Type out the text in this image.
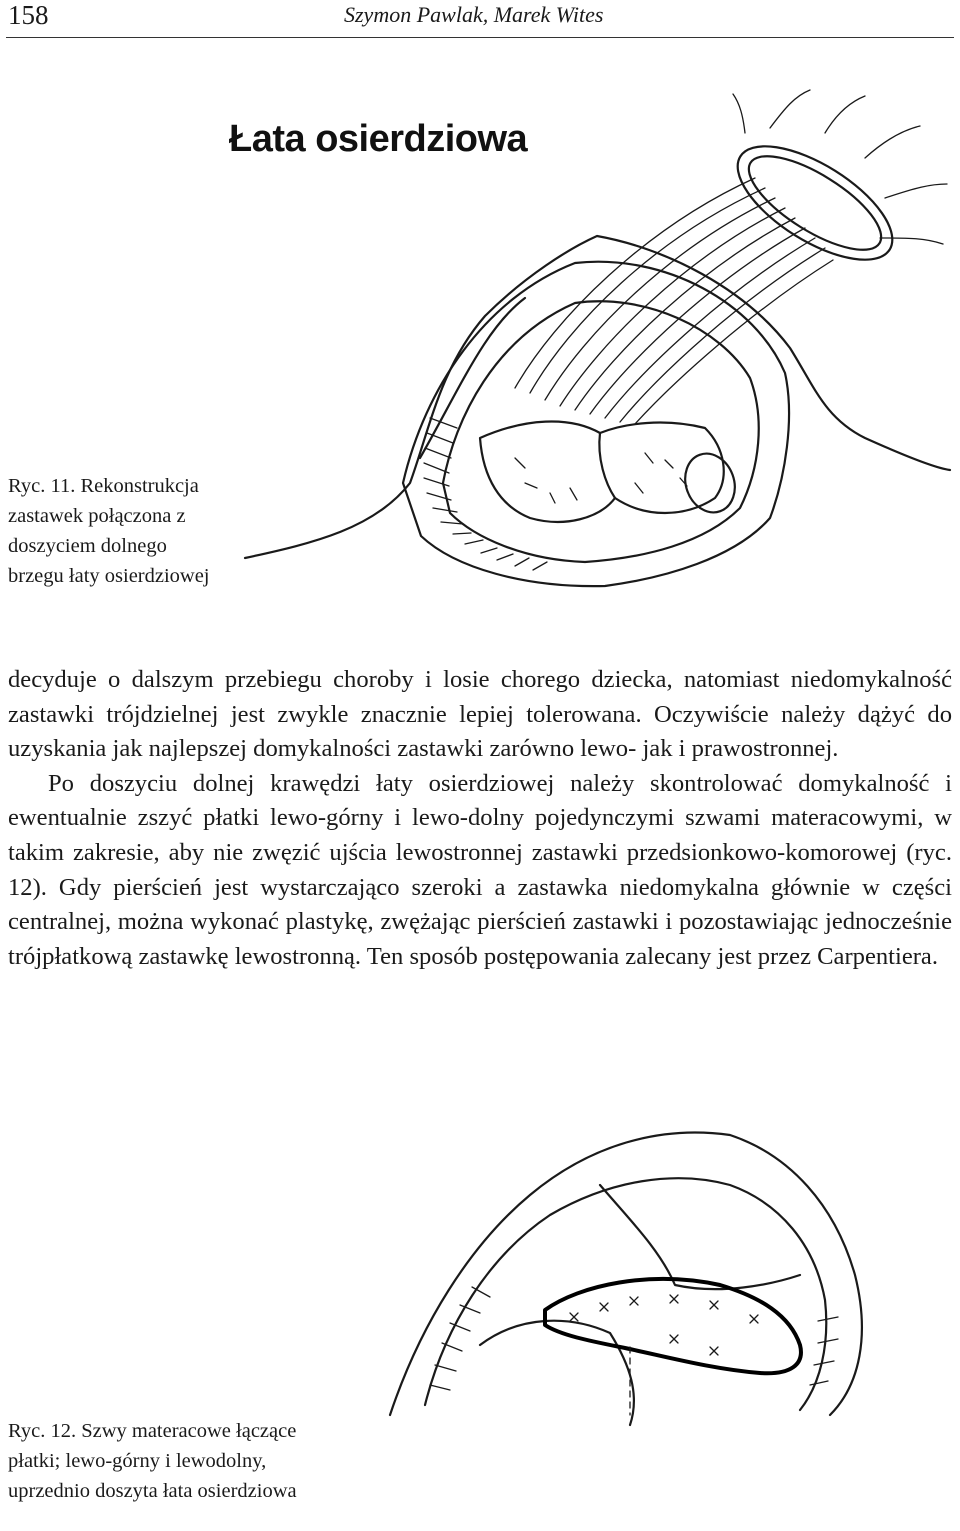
158	Szymon Pawlak, Marek Wites
Łata osierdziowa
Ryc. 11. Rekonstrukcja zastawek połączona z doszyciem dolnego brzegu łaty osierdziowej

decyduje o dalszym przebiegu choroby i losie chorego dziecka, natomiast niedomykalność zastawki trójdzielnej jest zwykle znacznie lepiej tolerowana. Oczywiście należy dążyć do uzyskania jak najlepszej domykalności zastawki zarówno lewo- jak i prawostronnej.

Po doszyciu dolnej krawędzi łaty osierdziowej należy skontrolować domykalność i ewentualnie zszyć płatki lewo-górny i lewo-dolny pojedynczymi szwami materacowymi, w takim zakresie, aby nie zwęzić ujścia lewostronnej zastawki przedsionkowo-komorowej (ryc. 12). Gdy pierścień jest wystarczająco szeroki a zastawka niedomykalna głównie w części centralnej, można wykonać plastykę, zwężając pierścień zastawki i pozostawiając jednocześnie trójpłatkową zastawkę lewostronną. Ten sposób postępowania zalecany jest przez Carpentiera.

Ryc. 12. Szwy materacowe łączące płatki; lewo-górny i lewodolny, uprzednio doszyta łata osierdziowa
